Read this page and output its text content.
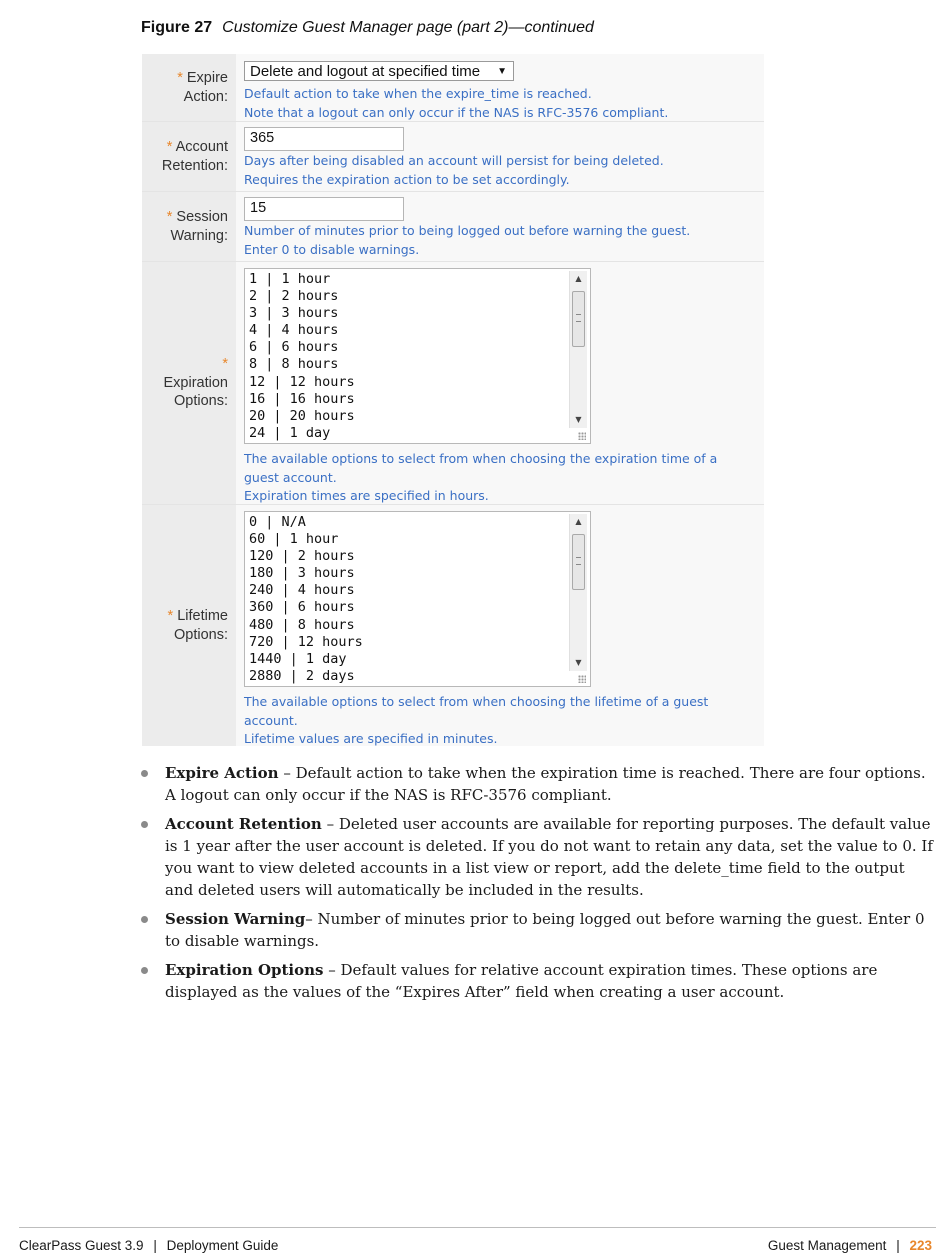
Figure 27 Customize Guest Manager page (part 2)—continued
* Expire
Action:
Delete and logout at specified time ▼
Default action to take when the expire_time is reached.
Note that a logout can only occur if the NAS is RFC-3576 compliant.
* Account
Retention:
365
Days after being disabled an account will persist for being deleted.
Requires the expiration action to be set accordingly.
* Session
Warning:
15
Number of minutes prior to being logged out before warning the guest.
Enter 0 to disable warnings.
*
Expiration
Options:
1 | 1 hour
2 | 2 hours
3 | 3 hours
4 | 4 hours
6 | 6 hours
8 | 8 hours
12 | 12 hours
16 | 16 hours
20 | 20 hours
24 | 1 day
▲
▼
The available options to select from when choosing the expiration time of a
guest account.
Expiration times are specified in hours.
* Lifetime
Options:
0 | N/A
60 | 1 hour
120 | 2 hours
180 | 3 hours
240 | 4 hours
360 | 6 hours
480 | 8 hours
720 | 12 hours
1440 | 1 day
2880 | 2 days
▲
▼
The available options to select from when choosing the lifetime of a guest
account.
Lifetime values are specified in minutes.
Expire Action – Default action to take when the expiration time is reached. There are four options. A logout can only occur if the NAS is RFC-3576 compliant.
Account Retention – Deleted user accounts are available for reporting purposes. The default value is 1 year after the user account is deleted. If you do not want to retain any data, set the value to 0. If you want to view deleted accounts in a list view or report, add the delete_time field to the output and deleted users will automatically be included in the results.
Session Warning– Number of minutes prior to being logged out before warning the guest. Enter 0 to disable warnings.
Expiration Options – Default values for relative account expiration times. These options are displayed as the values of the “Expires After” field when creating a user account.
ClearPass Guest 3.9 | Deployment Guide	Guest Management | 223
